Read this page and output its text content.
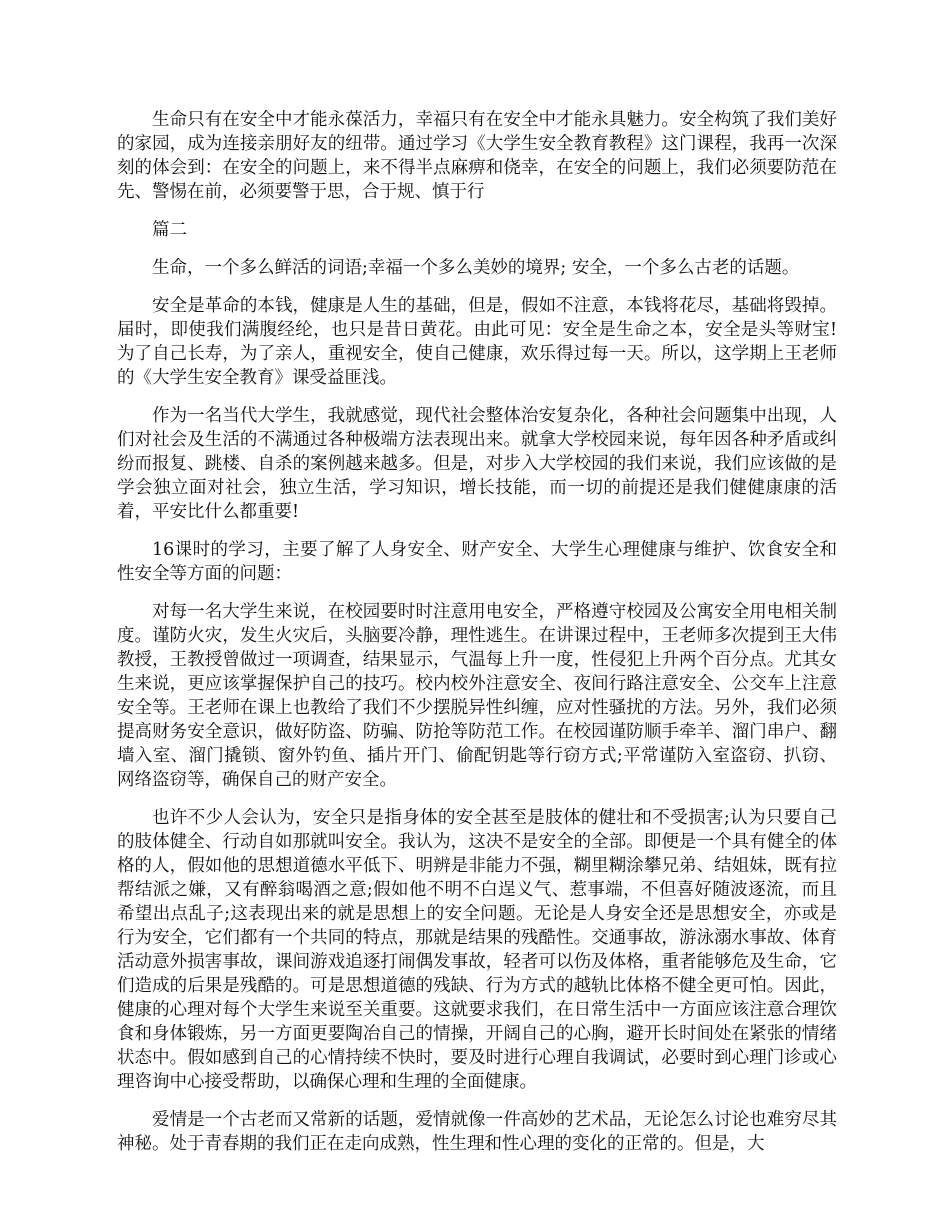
生命只有在安全中才能永葆活力，幸福只有在安全中才能永具魅力。安全构筑了我们美好的家园，成为连接亲朋好友的纽带。通过学习《大学生安全教育教程》这门课程，我再一次深刻的体会到：在安全的问题上，来不得半点麻痹和侥幸，在安全的问题上，我们必须要防范在先、警惕在前，必须要警于思，合于规、慎于行

篇二

生命，一个多么鲜活的词语;幸福一个多么美妙的境界; 安全，一个多么古老的话题。

安全是革命的本钱，健康是人生的基础，但是，假如不注意，本钱将花尽，基础将毁掉。届时，即使我们满腹经纶，也只是昔日黄花。由此可见：安全是生命之本，安全是头等财宝!为了自己长寿，为了亲人，重视安全，使自己健康，欢乐得过每一天。所以，这学期上王老师的《大学生安全教育》课受益匪浅。

作为一名当代大学生，我就感觉，现代社会整体治安复杂化，各种社会问题集中出现，人们对社会及生活的不满通过各种极端方法表现出来。就拿大学校园来说，每年因各种矛盾或纠纷而报复、跳楼、自杀的案例越来越多。但是，对步入大学校园的我们来说，我们应该做的是学会独立面对社会，独立生活，学习知识，增长技能，而一切的前提还是我们健健康康的活着，平安比什么都重要!

16课时的学习，主要了解了人身安全、财产安全、大学生心理健康与维护、饮食安全和性安全等方面的问题：

对每一名大学生来说，在校园要时时注意用电安全，严格遵守校园及公寓安全用电相关制度。谨防火灾，发生火灾后，头脑要冷静，理性逃生。在讲课过程中，王老师多次提到王大伟教授，王教授曾做过一项调查，结果显示，气温每上升一度，性侵犯上升两个百分点。尤其女生来说，更应该掌握保护自己的技巧。校内校外注意安全、夜间行路注意安全、公交车上注意安全等。王老师在课上也教给了我们不少摆脱异性纠缠，应对性骚扰的方法。另外，我们必须提高财务安全意识，做好防盗、防骗、防抢等防范工作。在校园谨防顺手牵羊、溜门串户、翻墙入室、溜门撬锁、窗外钓鱼、插片开门、偷配钥匙等行窃方式;平常谨防入室盗窃、扒窃、网络盗窃等，确保自己的财产安全。

也许不少人会认为，安全只是指身体的安全甚至是肢体的健壮和不受损害;认为只要自己的肢体健全、行动自如那就叫安全。我认为，这决不是安全的全部。即便是一个具有健全的体格的人，假如他的思想道德水平低下、明辨是非能力不强，糊里糊涂攀兄弟、结姐妹，既有拉帮结派之嫌，又有醉翁喝酒之意;假如他不明不白逞义气、惹事端，不但喜好随波逐流，而且希望出点乱子;这表现出来的就是思想上的安全问题。无论是人身安全还是思想安全，亦或是行为安全，它们都有一个共同的特点，那就是结果的残酷性。交通事故，游泳溺水事故、体育活动意外损害事故，课间游戏追逐打闹偶发事故，轻者可以伤及体格，重者能够危及生命，它们造成的后果是残酷的。可是思想道德的残缺、行为方式的越轨比体格不健全更可怕。因此，健康的心理对每个大学生来说至关重要。这就要求我们，在日常生活中一方面应该注意合理饮食和身体锻炼，另一方面更要陶冶自己的情操，开阔自己的心胸，避开长时间处在紧张的情绪状态中。假如感到自己的心情持续不快时，要及时进行心理自我调试，必要时到心理门诊或心理咨询中心接受帮助，以确保心理和生理的全面健康。

爱情是一个古老而又常新的话题，爱情就像一件高妙的艺术品，无论怎么讨论也难穷尽其神秘。处于青春期的我们正在走向成熟，性生理和性心理的变化的正常的。但是，大
